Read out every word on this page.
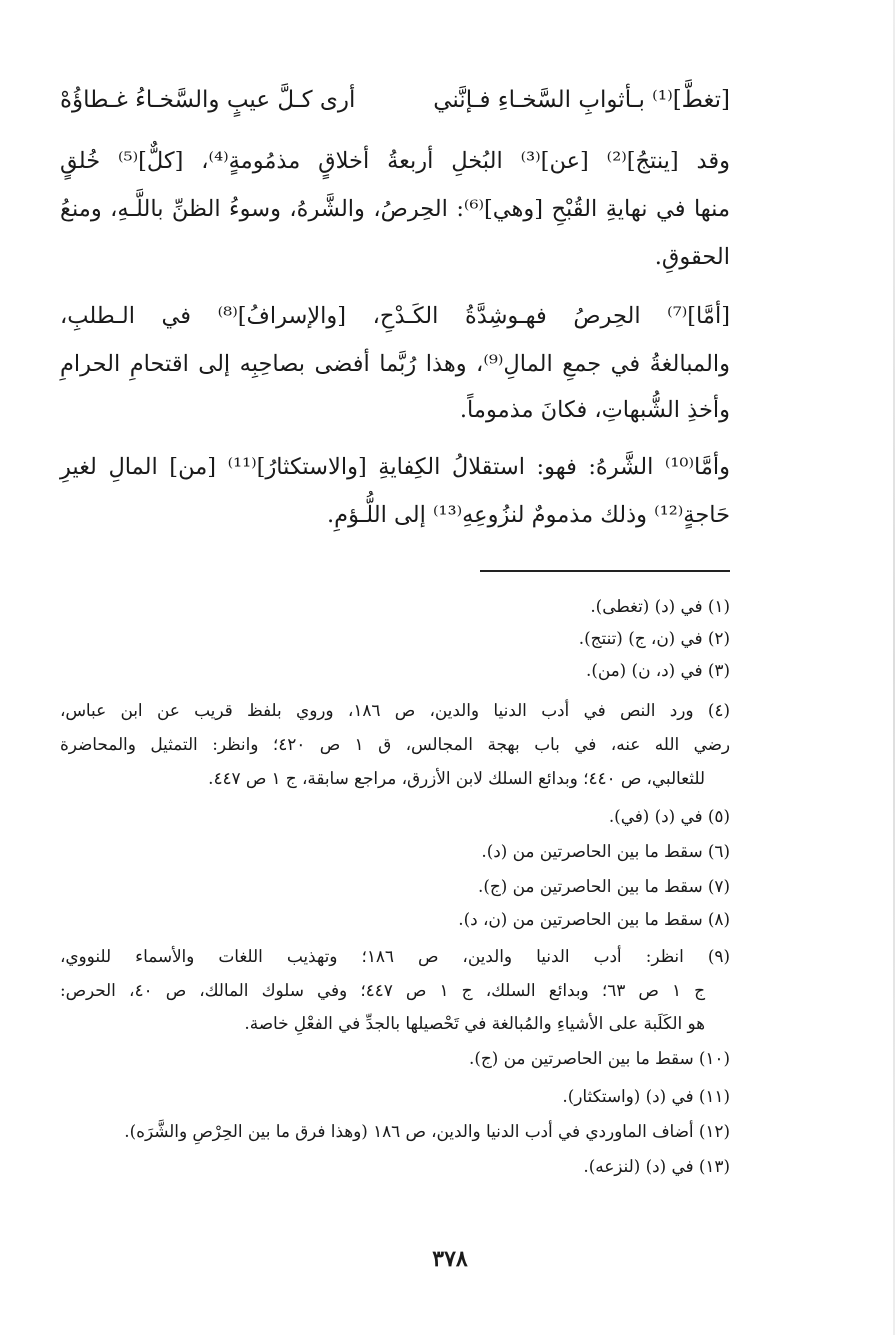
[تغطَّ]⁽¹⁾ بـأثوابِ السَّخـاءِ فـإنَّني
أرى كـلَّ عيبٍ والسَّخـاءُ غـطاؤُهْ
وقد [ينتجُ]⁽²⁾ [عن]⁽³⁾ البُخلِ أربعةُ أخلاقٍ مذمُومةٍ⁽⁴⁾، [كلٌّ]⁽⁵⁾ خُلقٍ
منها في نهايةِ القُبْحِ [وهي]⁽⁶⁾: الحِرصُ، والشَّرهُ، وسوءُ الظنِّ باللَّـهِ، ومنعُ
الحقوقِ.
[أمَّا]⁽⁷⁾ الحِرصُ فهـوشِدَّةُ الكَـدْحِ، [والإسرافُ]⁽⁸⁾ في الـطلبِ،
والمبالغةُ في جمعِ المالِ⁽⁹⁾، وهذا رُبَّما أفضى بصاحِبِه إلى اقتحامِ الحرامِ
وأخذِ الشُّبهاتِ، فكانَ مذموماً.
وأمَّا⁽¹⁰⁾ الشَّرهُ: فهو: استقلالُ الكِفايةِ [والاستكثارُ]⁽¹¹⁾ [من] المالِ لغيرِ
حَاجةٍ⁽¹²⁾ وذلك مذمومٌ لنزُوعِهِ⁽¹³⁾ إلى اللُّـؤمِ.
(١) في (د) (تغطى).
(٢) في (ن، ج) (تنتج).
(٣) في (د، ن) (من).
(٤) ورد النص في أدب الدنيا والدين، ص ١٨٦، وروي بلفظ قريب عن ابن عباس،
رضي الله عنه، في باب بهجة المجالس، ق ١ ص ٤٢٠؛ وانظر: التمثيل والمحاضرة
للثعالبي، ص ٤٤٠؛ وبدائع السلك لابن الأزرق، مراجع سابقة، ج ١ ص ٤٤٧.
(٥) في (د) (في).
(٦) سقط ما بين الحاصرتين من (د).
(٧) سقط ما بين الحاصرتين من (ج).
(٨) سقط ما بين الحاصرتين من (ن، د).
(٩) انظر: أدب الدنيا والدين، ص ١٨٦؛ وتهذيب اللغات والأسماء للنووي،
ج ١ ص ٦٣؛ وبدائع السلك، ج ١ ص ٤٤٧؛ وفي سلوك المالك، ص ٤٠، الحرص:
هو الكَلَبة على الأشياءِ والمُبالغة في تَحْصيلها بالجدِّ في الفعْلِ خاصة.
(١٠) سقط ما بين الحاصرتين من (ج).
(١١) في (د) (واستكثار).
(١٢) أضاف الماوردي في أدب الدنيا والدين، ص ١٨٦ (وهذا فرق ما بين الحِرْصِ والشَّرَه).
(١٣) في (د) (لنزعه).
٣٧٨
